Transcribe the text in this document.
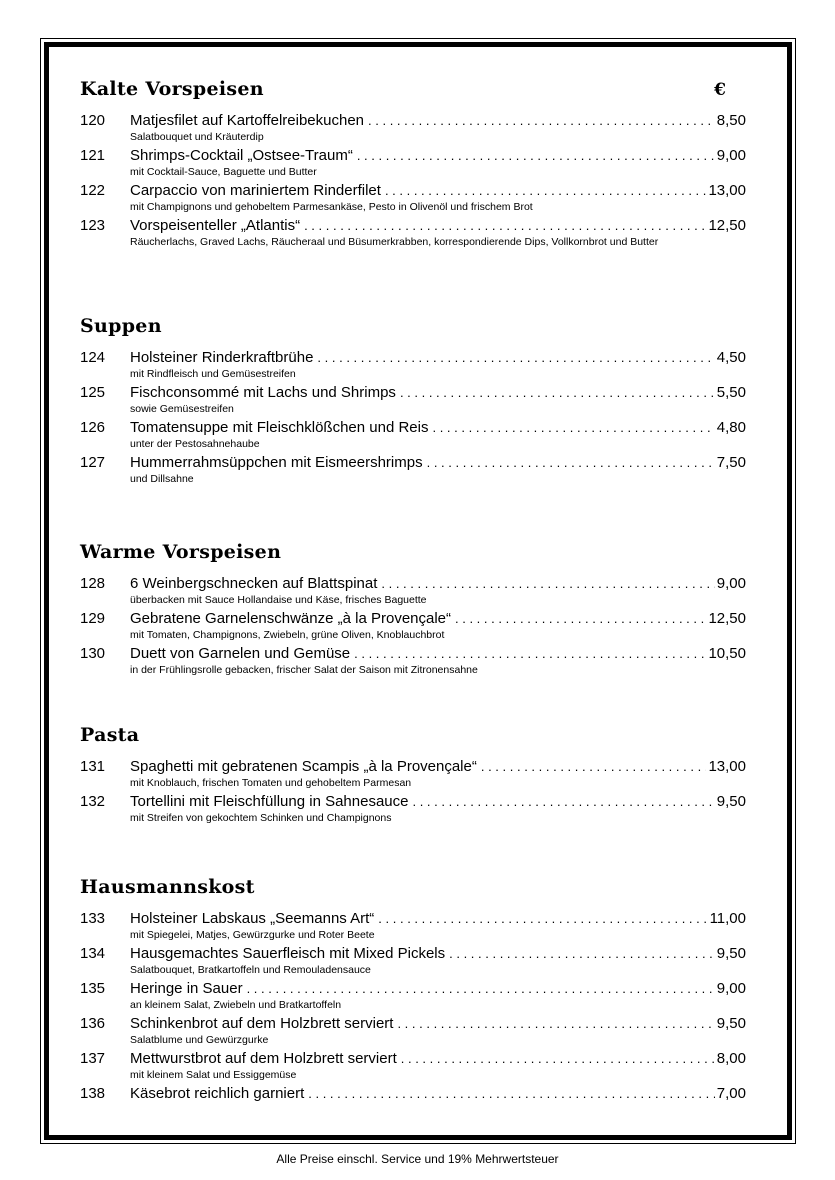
Kalte Vorspeisen	€
120	Matjesfilet auf Kartoffelreibekuchen . . .	8,50
Salatbouquet und Kräuterdip
121	Shrimps-Cocktail „Ostsee-Traum“ . . .	9,00
mit Cocktail-Sauce, Baguette und Butter
122	Carpaccio von mariniertem Rinderfilet . . .	13,00
mit Champignons und gehobeltem Parmesankäse, Pesto in Olivenöl und frischem Brot
123	Vorspeisenteller „Atlantis“ . . .	12,50
Räucherlachs, Graved Lachs, Räucheraal und Büsumerkrabben, korrespondierende Dips, Vollkornbrot und Butter
Suppen
124	Holsteiner Rinderkraftbrühe . . .	4,50
mit Rindfleisch und Gemüsestreifen
125	Fischconsommé mit Lachs und Shrimps . . .	5,50
sowie Gemüsestreifen
126	Tomatensuppe mit Fleischklößchen und Reis . . .	4,80
unter der Pestosahnehaube
127	Hummerrahmsüppchen mit Eismeershrimps . . .	7,50
und Dillsahne
Warme Vorspeisen
128	6 Weinbergschnecken auf Blattspinat . . .	9,00
überbacken mit Sauce Hollandaise und Käse, frisches Baguette
129	Gebratene Garnelenschwänze „à la Provençale“ . . .	12,50
mit Tomaten, Champignons, Zwiebeln, grüne Oliven, Knoblauchbrot
130	Duett von Garnelen und Gemüse . . .	10,50
in der Frühlingsrolle gebacken, frischer Salat der Saison mit Zitronensahne
Pasta
131	Spaghetti mit gebratenen Scampis „à la Provençale“ . . .	13,00
mit Knoblauch, frischen Tomaten und gehobeltem Parmesan
132	Tortellini mit Fleischfüllung in Sahnesauce . . .	9,50
mit Streifen von gekochtem Schinken und Champignons
Hausmannskost
133	Holsteiner Labskaus „Seemanns Art“ . . .	11,00
mit Spiegelei, Matjes, Gewürzgurke und Roter Beete
134	Hausgemachtes Sauerfleisch mit Mixed Pickels . . .	9,50
Salatbouquet, Bratkartoffeln und Remouladensauce
135	Heringe in Sauer . . .	9,00
an kleinem Salat, Zwiebeln und Bratkartoffeln
136	Schinkenbrot auf dem Holzbrett serviert . . .	9,50
Salatblume und Gewürzgurke
137	Mettwurstbrot auf dem Holzbrett serviert . . .	8,00
mit kleinem Salat und Essiggemüse
138	Käsebrot reichlich garniert . . .	7,00
Alle Preise einschl. Service und 19% Mehrwertsteuer
